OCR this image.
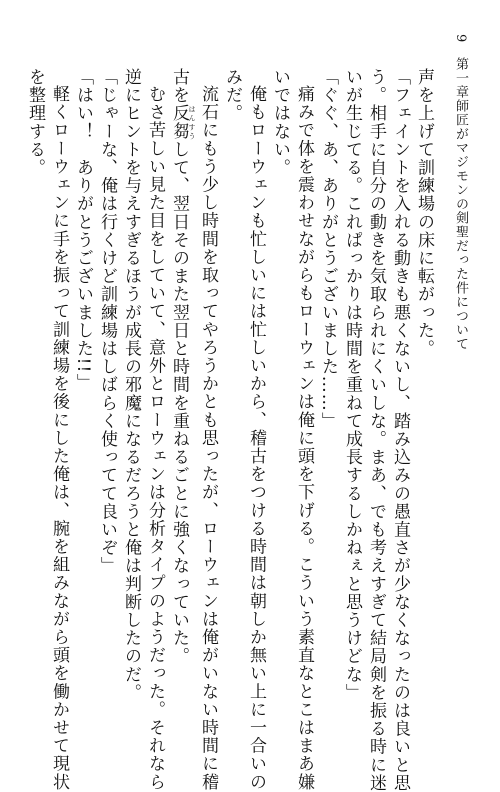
9第一章師匠がマジモンの剣聖だった件について
声を上げて訓練場の床に転がった。
「フェイントを入れる動きも悪くないし、踏み込みの愚直さが少なくなったのは良いと思
う。相手に自分の動きを気取られにくいしな。まあ、でも考えすぎて結局剣を振る時に迷
いが生じてる。これぱっかりは時間を重ねて成長するしかねぇと思うけどな」
「ぐぐ、あ、ありがとうございました……」
痛みで体を震わせながらもローウェンは俺に頭を下げる。こういう素直なとこはまあ嫌
いではない。
俺もローウェンも忙しいには忙しいから、稽古をつける時間は朝しか無い上に一合いの
みだ。
流石にもう少し時間を取ってやろうかとも思ったが、ローウェンは俺がいない時間に稽
古を反芻 はんすうして、翌日そのまた翌日と時間を重ねるごとに強くなっていた。
むさ苦しい見た目をしていて、意外とローウェンは分析タイプのようだった。それなら
逆にヒントを与えすぎるほうが成長の邪魔になるだろうと俺は判断したのだ。
「じゃーな、俺は行くけど訓練場はしばらく使ってて良いぞ」
「はい！　ありがとうございました!!」
軽くローウェンに手を振って訓練場を後にした俺は、腕を組みながら頭を働かせて現状
を整理する。
